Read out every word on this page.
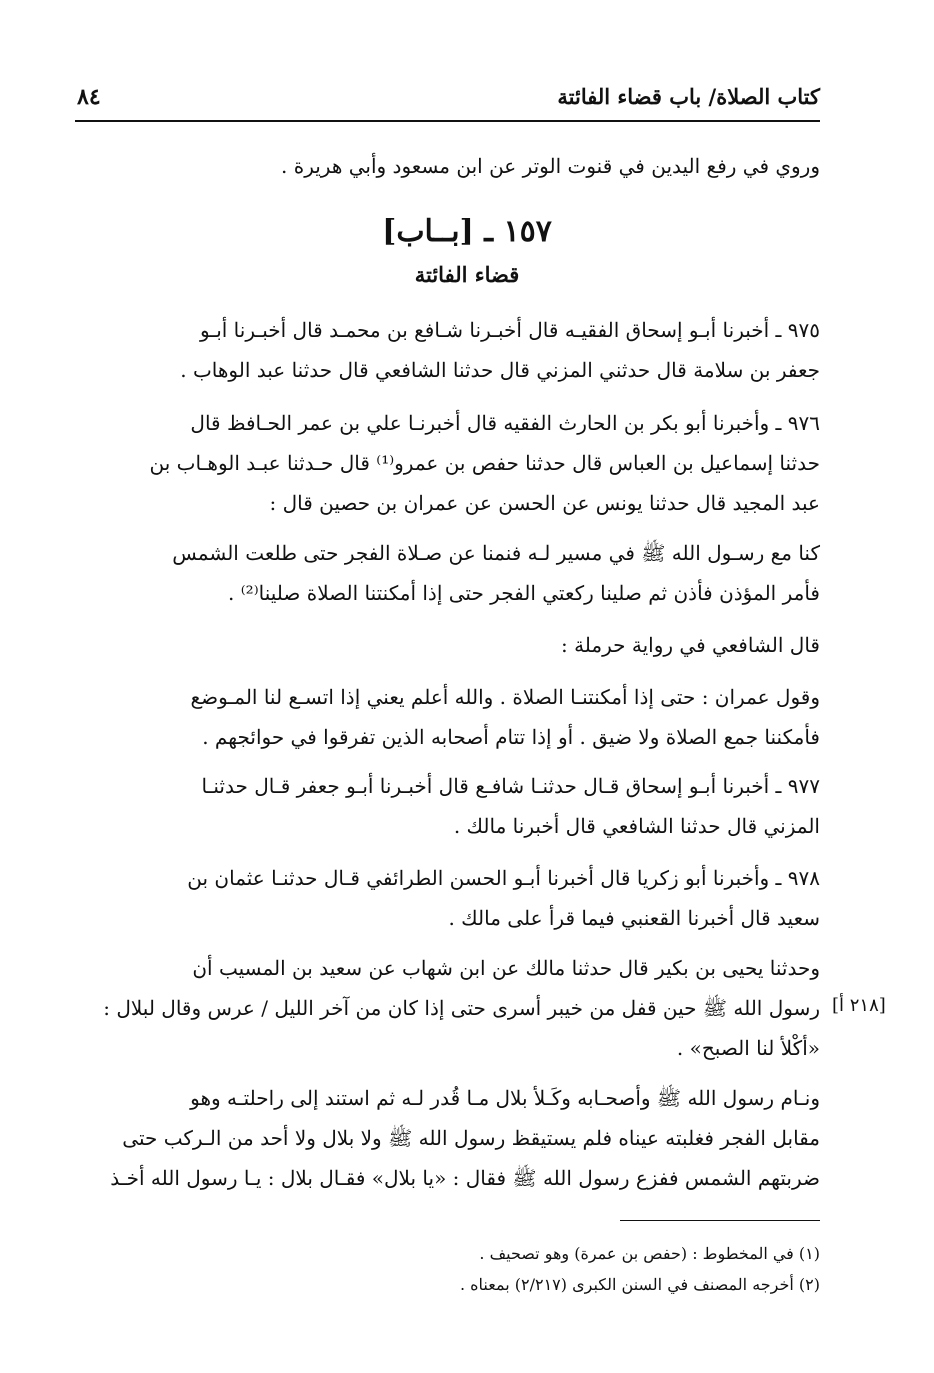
كتاب الصلاة/ باب قضاء الفائتة
٨٤
وروي في رفع اليدين في قنوت الوتر عن ابن مسعود وأبي هريرة .
١٥٧ ـ [بــاب]
قضاء الفائتة
٩٧٥ ـ أخبرنا أبـو إسحاق الفقيـه قال أخبـرنا شـافع بن محمـد قال أخبـرنا أبـو
جعفر بن سلامة قال حدثني المزني قال حدثنا الشافعي قال حدثنا عبد الوهاب .
٩٧٦ ـ وأخبرنا أبو بكر بن الحارث الفقيه قال أخبرنـا علي بن عمر الحـافظ قال
حدثنا إسماعيل بن العباس قال حدثنا حفص بن عمرو⁽¹⁾ قال حـدثنا عبـد الوهـاب بن
عبد المجيد قال حدثنا يونس عن الحسن عن عمران بن حصين قال :
كنا مع رسـول الله ﷺ في مسير لـه فنمنا عن صـلاة الفجر حتى طلعت الشمس
فأمر المؤذن فأذن ثم صلينا ركعتي الفجر حتى إذا أمكنتنا الصلاة صلينا⁽²⁾ .
قال الشافعي في رواية حرملة :
وقول عمران : حتى إذا أمكنتنـا الصلاة . والله أعلم يعني إذا اتسـع لنا المـوضع
فأمكننا جمع الصلاة ولا ضيق . أو إذا تتام أصحابه الذين تفرقوا في حوائجهم .
٩٧٧ ـ أخبرنا أبـو إسحاق قـال حدثنـا شافـع قال أخبـرنا أبـو جعفر قـال حدثنـا
المزني قال حدثنا الشافعي قال أخبرنا مالك .
٩٧٨ ـ وأخبرنا أبو زكريا قال أخبرنا أبـو الحسن الطرائفي قـال حدثنـا عثمان بن
سعيد قال أخبرنا القعنبي فيما قرأ على مالك .
وحدثنا يحيى بن بكير قال حدثنا مالك عن ابن شهاب عن سعيد بن المسيب أن
رسول الله ﷺ حين قفل من خيبر أسرى حتى إذا كان من آخر الليل / عرس وقال لبلال :
«أكْلأ لنا الصبح» .
[٢١٨ أ]
ونـام رسول الله ﷺ وأصحـابه وكَـلأ بلال مـا قُدر لـه ثم استند إلى راحلتـه وهو
مقابل الفجر فغلبته عيناه فلم يستيقظ رسول الله ﷺ ولا بلال ولا أحد من الـركب حتى
ضربتهم الشمس ففزع رسول الله ﷺ فقال : «يا بلال» فقـال بلال : يـا رسول الله أخـذ
(١) في المخطوط : (حفص بن عمرة) وهو تصحيف .
(٢) أخرجه المصنف في السنن الكبرى (٢/٢١٧) بمعناه .
